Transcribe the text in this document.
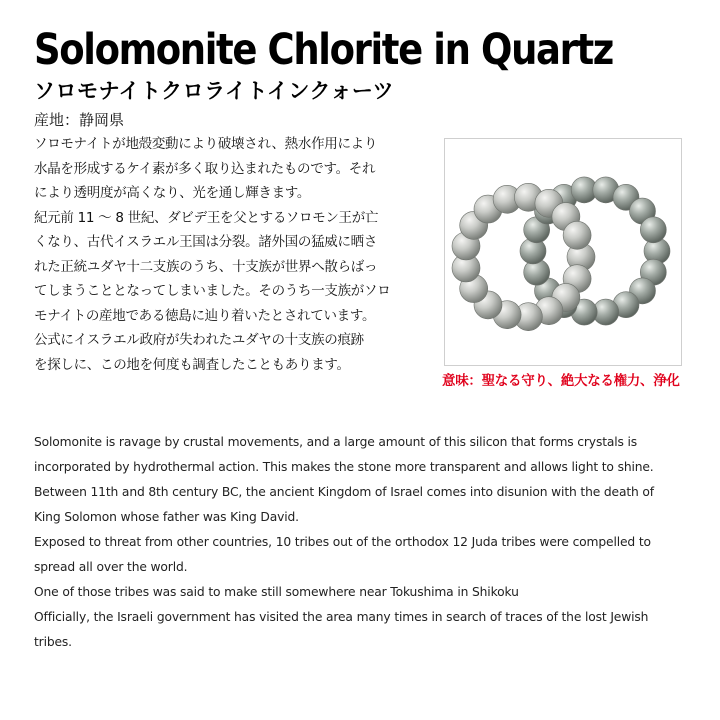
Solomonite Chlorite in Quartz
ソロモナイトクロライトインクォーツ
産地：静岡県

ソロモナイトが地殻変動により破壊され、熱水作用により

水晶を形成するケイ素が多く取り込まれたものです。それ

により透明度が高くなり、光を通し輝きます。

紀元前 11 ～ 8 世紀、ダビデ王を父とするソロモン王が亡

くなり、古代イスラエル王国は分裂。諸外国の猛威に晒さ

れた正統ユダヤ十二支族のうち、十支族が世界へ散らばっ

てしまうこととなってしまいました。そのうち一支族がソロ

モナイトの産地である徳島に辿り着いたとされています。

公式にイスラエル政府が失われたユダヤの十支族の痕跡

を探しに、この地を何度も調査したこともあります。

意味：聖なる守り、絶大なる権力、浄化

Solomonite is ravage by crustal movements, and a large amount of this silicon that forms crystals is

incorporated by hydrothermal action. This makes the stone more transparent and allows light to shine.

Between 11th and 8th century BC, the ancient Kingdom of Israel comes into disunion with the death of

King Solomon whose father was King David.

Exposed to threat from other countries, 10 tribes out of the orthodox 12 Juda tribes were compelled to

spread all over the world.

One of those tribes was said to make still somewhere near Tokushima in Shikoku

Officially, the Israeli government has visited the area many times in search of traces of the lost Jewish

tribes.
